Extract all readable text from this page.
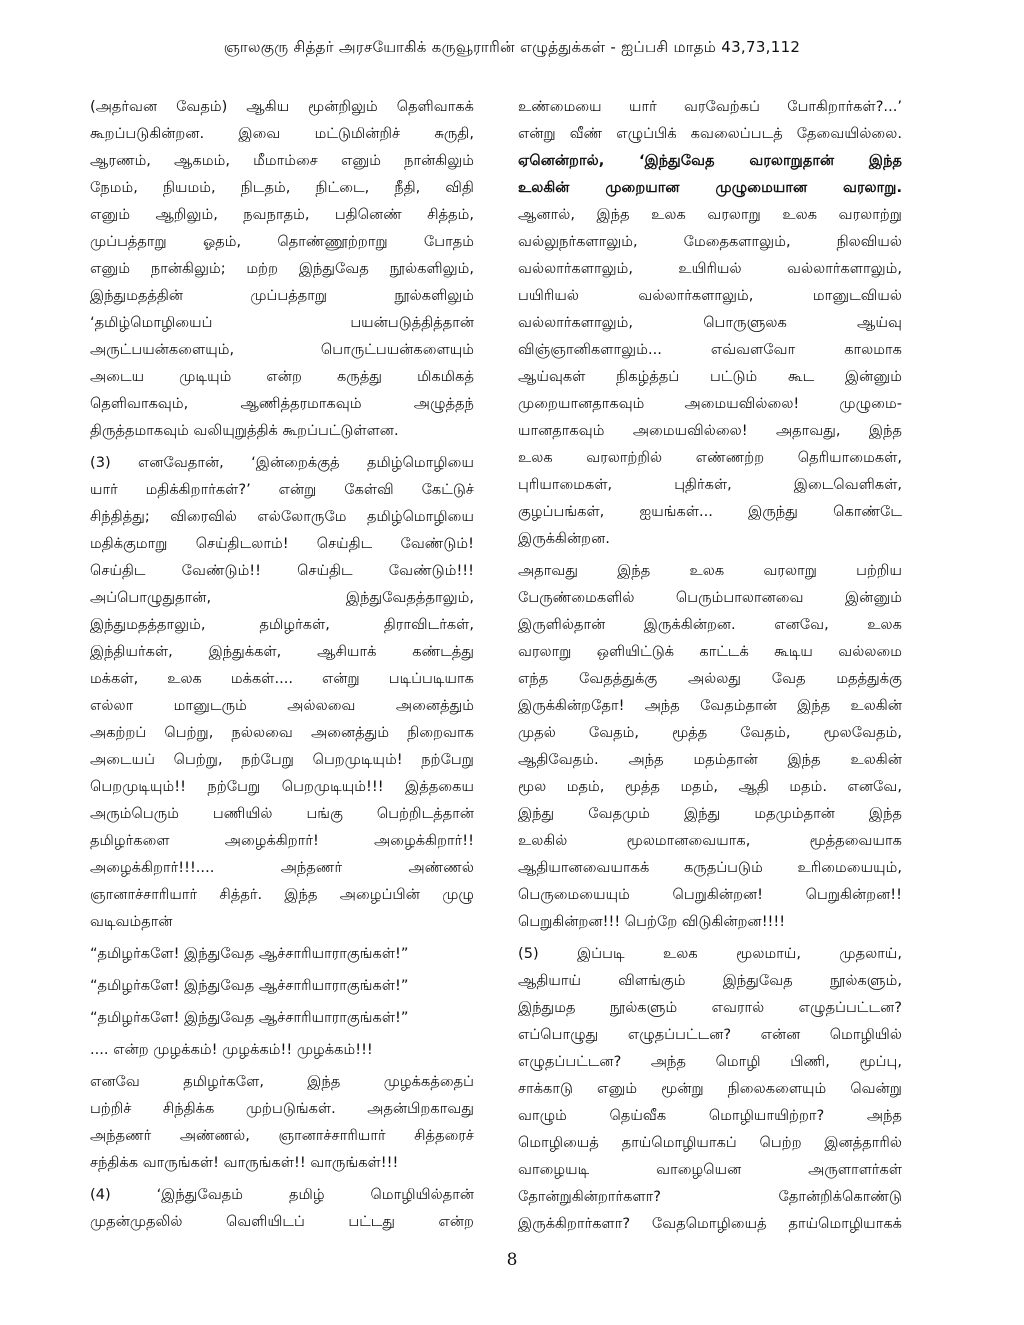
ஞாலகுரு சித்தர் அரசயோகிக் கருவூராரின் எழுத்துக்கள் - ஐப்பசி மாதம் 43,73,112
(அதர்வன வேதம்) ஆகிய மூன்றிலும் தெளிவாகக்
கூறப்படுகின்றன. இவை மட்டுமின்றிச் சுருதி,
ஆரணம், ஆகமம், மீமாம்சை எனும் நான்கிலும்
நேமம், நியமம், நிடதம், நிட்டை, நீதி, விதி
எனும் ஆறிலும், நவநாதம், பதினெண் சித்தம்,
முப்பத்தாறு ஓதம், தொண்ணூற்றாறு போதம்
எனும் நான்கிலும்; மற்ற இந்துவேத நூல்களிலும்,
இந்துமதத்தின் முப்பத்தாறு நூல்களிலும்
‘தமிழ்மொழியைப் பயன்படுத்தித்தான்
அருட்பயன்களையும், பொருட்பயன்களையும்
அடைய முடியும் என்ற கருத்து மிகமிகத்
தெளிவாகவும், ஆணித்தரமாகவும் அழுத்தந்
திருத்தமாகவும் வலியுறுத்திக் கூறப்பட்டுள்ளன.
(3) எனவேதான், ‘இன்றைக்குத் தமிழ்மொழியை
யார் மதிக்கிறார்கள்?’ என்று கேள்வி கேட்டுச்
சிந்தித்து; விரைவில் எல்லோருமே தமிழ்மொழியை
மதிக்குமாறு செய்திடலாம்! செய்திட வேண்டும்!
செய்திட வேண்டும்!! செய்திட வேண்டும்!!!
அப்பொழுதுதான், இந்துவேதத்தாலும்,
இந்துமதத்தாலும், தமிழர்கள், திராவிடர்கள்,
இந்தியர்கள், இந்துக்கள், ஆசியாக் கண்டத்து
மக்கள், உலக மக்கள்.... என்று படிப்படியாக
எல்லா மானுடரும் அல்லவை அனைத்தும்
அகற்றப் பெற்று, நல்லவை அனைத்தும் நிறைவாக
அடையப் பெற்று, நற்பேறு பெறமுடியும்! நற்பேறு
பெறமுடியும்!! நற்பேறு பெறமுடியும்!!! இத்தகைய
அரும்பெரும் பணியில் பங்கு பெற்றிடத்தான்
தமிழர்களை அழைக்கிறார்! அழைக்கிறார்!!
அழைக்கிறார்!!!.... அந்தணர் அண்ணல்
ஞானாச்சாரியார் சித்தர். இந்த அழைப்பின் முழு
வடிவம்தான்
“தமிழர்களே! இந்துவேத ஆச்சாரியாராகுங்கள்!”
“தமிழர்களே! இந்துவேத ஆச்சாரியாராகுங்கள்!”
“தமிழர்களே! இந்துவேத ஆச்சாரியாராகுங்கள்!”
.... என்ற முழக்கம்! முழக்கம்!! முழக்கம்!!!
எனவே தமிழர்களே, இந்த முழக்கத்தைப்
பற்றிச் சிந்திக்க முற்படுங்கள். அதன்பிறகாவது
அந்தணர் அண்ணல், ஞானாச்சாரியார் சித்தரைச்
சந்திக்க வாருங்கள்! வாருங்கள்!! வாருங்கள்!!!
(4) ‘இந்துவேதம் தமிழ் மொழியில்தான்
முதன்முதலில் வெளியிடப் பட்டது என்ற
உண்மையை யார் வரவேற்கப் போகிறார்கள்?...’
என்று வீண் எழுப்பிக் கவலைப்படத் தேவையில்லை.
ஏனென்றால், ‘இந்துவேத வரலாறுதான் இந்த
உலகின் முறையான முழுமையான வரலாறு.
ஆனால், இந்த உலக வரலாறு உலக வரலாற்று
வல்லுநர்களாலும், மேதைகளாலும், நிலவியல்
வல்லார்களாலும், உயிரியல் வல்லார்களாலும்,
பயிரியல் வல்லார்களாலும், மானுடவியல்
வல்லார்களாலும், பொருளுலக ஆய்வு
விஞ்ஞானிகளாலும்... எவ்வளவோ காலமாக
ஆய்வுகள் நிகழ்த்தப் பட்டும் கூட இன்னும்
முறையானதாகவும் அமையவில்லை! முழுமை-
யானதாகவும் அமையவில்லை! அதாவது, இந்த
உலக வரலாற்றில் எண்ணற்ற தெரியாமைகள்,
புரியாமைகள், புதிர்கள், இடைவெளிகள்,
குழப்பங்கள், ஐயங்கள்... இருந்து கொண்டே
இருக்கின்றன.
அதாவது இந்த உலக வரலாறு பற்றிய
பேருண்மைகளில் பெரும்பாலானவை இன்னும்
இருளில்தான் இருக்கின்றன. எனவே, உலக
வரலாறு ஒளியிட்டுக் காட்டக் கூடிய வல்லமை
எந்த வேதத்துக்கு அல்லது வேத மதத்துக்கு
இருக்கின்றதோ! அந்த வேதம்தான் இந்த உலகின்
முதல் வேதம், மூத்த வேதம், மூலவேதம்,
ஆதிவேதம். அந்த மதம்தான் இந்த உலகின்
மூல மதம், மூத்த மதம், ஆதி மதம். எனவே,
இந்து வேதமும் இந்து மதமும்தான் இந்த
உலகில் மூலமானவையாக, மூத்தவையாக
ஆதியானவையாகக் கருதப்படும் உரிமையையும்,
பெருமையையும் பெறுகின்றன! பெறுகின்றன!!
பெறுகின்றன!!! பெற்றே விடுகின்றன!!!!
(5) இப்படி உலக மூலமாய், முதலாய்,
ஆதியாய் விளங்கும் இந்துவேத நூல்களும்,
இந்துமத நூல்களும் எவரால் எழுதப்பட்டன?
எப்பொழுது எழுதப்பட்டன? என்ன மொழியில்
எழுதப்பட்டன? அந்த மொழி பிணி, மூப்பு,
சாக்காடு எனும் மூன்று நிலைகளையும் வென்று
வாழும் தெய்வீக மொழியாயிற்றா? அந்த
மொழியைத் தாய்மொழியாகப் பெற்ற இனத்தாரில்
வாழையடி வாழையென அருளாளர்கள்
தோன்றுகின்றார்களா? தோன்றிக்கொண்டு
இருக்கிறார்களா? வேதமொழியைத் தாய்மொழியாகக்
8
